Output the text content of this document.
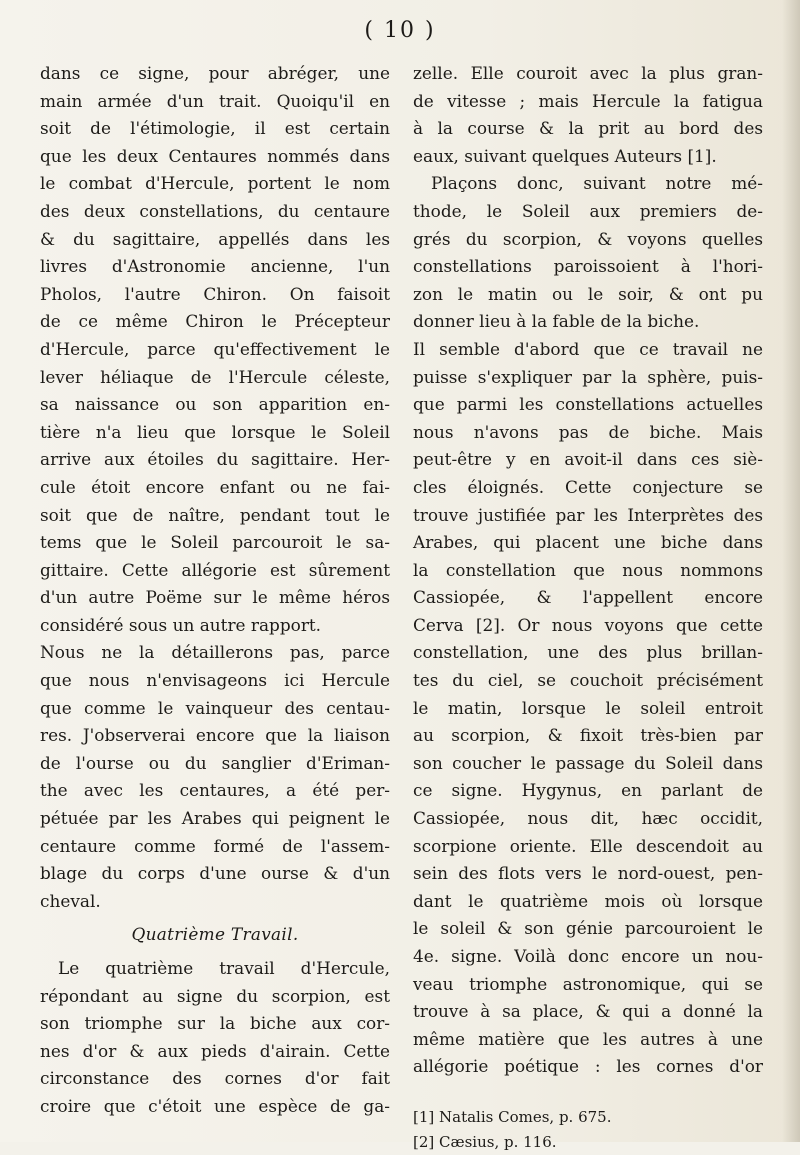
( 10 )
dans ce signe, pour abréger, une
main armée d'un trait. Quoiqu'il en
soit de l'étimologie, il est certain
que les deux Centaures nommés dans
le combat d'Hercule, portent le nom
des deux constellations, du centaure
& du sagittaire, appellés dans les
livres d'Astronomie ancienne, l'un
Pholos, l'autre Chiron. On faisoit
de ce même Chiron le Précepteur
d'Hercule, parce qu'effectivement le
lever héliaque de l'Hercule céleste,
sa naissance ou son apparition en-
tière n'a lieu que lorsque le Soleil
arrive aux étoiles du sagittaire. Her-
cule étoit encore enfant ou ne fai-
soit que de naître, pendant tout le
tems que le Soleil parcouroit le sa-
gittaire. Cette allégorie est sûrement
d'un autre Poëme sur le même héros
considéré sous un autre rapport.
Nous ne la détaillerons pas, parce
que nous n'envisageons ici Hercule
que comme le vainqueur des centau-
res. J'observerai encore que la liaison
de l'ourse ou du sanglier d'Eriman-
the avec les centaures, a été per-
pétuée par les Arabes qui peignent le
centaure comme formé de l'assem-
blage du corps d'une ourse & d'un
cheval.
Quatrième Travail.
Le quatrième travail d'Hercule,
répondant au signe du scorpion, est
son triomphe sur la biche aux cor-
nes d'or & aux pieds d'airain. Cette
circonstance des cornes d'or fait
croire que c'étoit une espèce de ga-
zelle. Elle couroit avec la plus gran-
de vitesse ; mais Hercule la fatigua
à la course & la prit au bord des
eaux, suivant quelques Auteurs [1].
Plaçons donc, suivant notre mé-
thode, le Soleil aux premiers de-
grés du scorpion, & voyons quelles
constellations paroissoient à l'hori-
zon le matin ou le soir, & ont pu
donner lieu à la fable de la biche.
Il semble d'abord que ce travail ne
puisse s'expliquer par la sphère, puis-
que parmi les constellations actuelles
nous n'avons pas de biche. Mais
peut-être y en avoit-il dans ces siè-
cles éloignés. Cette conjecture se
trouve justifiée par les Interprètes des
Arabes, qui placent une biche dans
la constellation que nous nommons
Cassiopée, & l'appellent encore
Cerva [2]. Or nous voyons que cette
constellation, une des plus brillan-
tes du ciel, se couchoit précisément
le matin, lorsque le soleil entroit
au scorpion, & fixoit très-bien par
son coucher le passage du Soleil dans
ce signe. Hygynus, en parlant de
Cassiopée, nous dit, hæc occidit,
scorpione oriente. Elle descendoit au
sein des flots vers le nord-ouest, pen-
dant le quatrième mois où lorsque
le soleil & son génie parcouroient le
4e. signe. Voilà donc encore un nou-
veau triomphe astronomique, qui se
trouve à sa place, & qui a donné la
même matière que les autres à une
allégorie poétique : les cornes d'or
[1] Natalis Comes, p. 675.
[2] Cæsius, p. 116.
